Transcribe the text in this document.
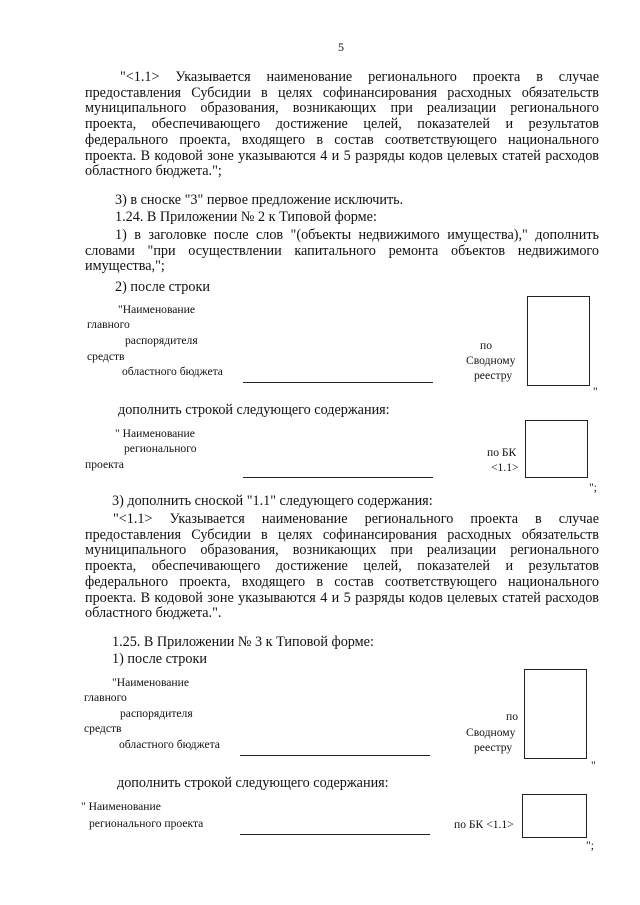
5

"<1.1> Указывается наименование регионального проекта в случае предоставления Субсидии в целях софинансирования расходных обязательств муниципального образования, возникающих при реализации регионального проекта, обеспечивающего достижение целей, показателей и результатов федерального проекта, входящего в состав соответствующего национального проекта. В кодовой зоне указываются 4 и 5 разряды кодов целевых статей расходов областного бюджета.";

3) в сноске "3" первое предложение исключить.
1.24. В Приложении № 2 к Типовой форме:

1) в заголовке после слов "(объекты недвижимого имущества)," дополнить словами "при осуществлении капитального ремонта объектов недвижимого имущества,";

2) после строки
"Наименование
главного
распорядителя
средств
областного бюджета
по
Сводному
реестру
"
дополнить строкой следующего содержания:
" Наименование
регионального
проекта
по БК
<1.1>
";
3) дополнить сноской "1.1" следующего содержания:

"<1.1> Указывается наименование регионального проекта в случае предоставления Субсидии в целях софинансирования расходных обязательств муниципального образования, возникающих при реализации регионального проекта, обеспечивающего достижение целей, показателей и результатов федерального проекта, входящего в состав соответствующего национального проекта. В кодовой зоне указываются 4 и 5 разряды кодов целевых статей расходов областного бюджета.".

1.25. В Приложении № 3 к Типовой форме:
1) после строки
"Наименование
главного
распорядителя
средств
областного бюджета
по
Сводному
реестру
"
дополнить строкой следующего содержания:
" Наименование
регионального проекта	по БК <1.1>
";
